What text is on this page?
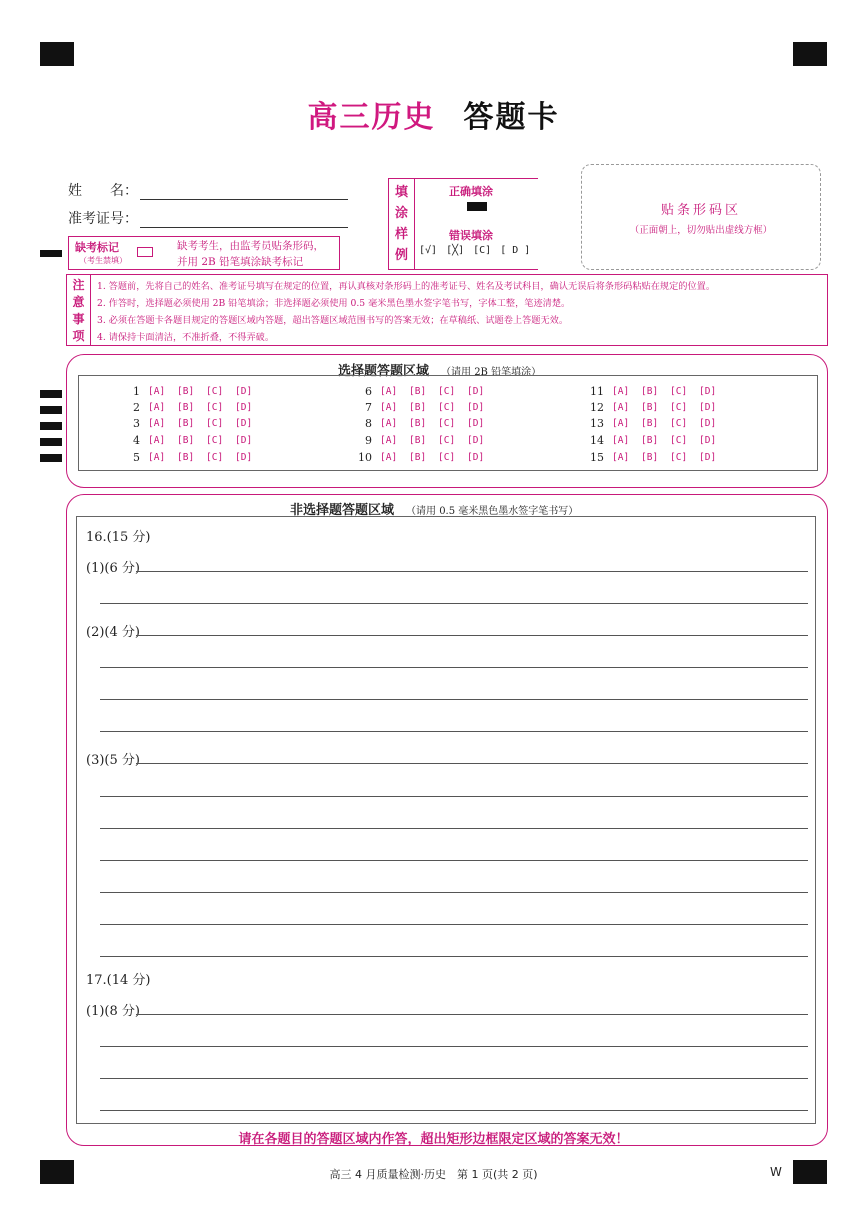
高三历史 答题卡
姓　　名：
准考证号：
缺考标记
（考生禁填）
缺考考生，由监考员贴条形码，
并用 2B 铅笔填涂缺考标记
填
涂
样
例
正确填涂
错误填涂
[√] [╳] [C] [ D ]
贴条形码区
（正面朝上，切勿贴出虚线方框）
注
意
事
项
1. 答题前，先将自己的姓名、准考证号填写在规定的位置，再认真核对条形码上的准考证号、姓名及考试科目，确认无误后将条形码粘贴在规定的位置。
2. 作答时，选择题必须使用 2B 铅笔填涂；非选择题必须使用 0.5 毫米黑色墨水签字笔书写，字体工整，笔迹清楚。
3. 必须在答题卡各题目规定的答题区域内答题，超出答题区域范围书写的答案无效；在草稿纸、试题卷上答题无效。
4. 请保持卡面清洁，不准折叠，不得弄破。
选择题答题区域 （请用 2B 铅笔填涂）
1 [A]	[B]	[C]	[D]
2 [A]	[B]	[C]	[D]
3 [A]	[B]	[C]	[D]
4 [A]	[B]	[C]	[D]
5 [A]	[B]	[C]	[D]
6 [A]	[B]	[C]	[D]
7 [A]	[B]	[C]	[D]
8 [A]	[B]	[C]	[D]
9 [A]	[B]	[C]	[D]
10 [A]	[B]	[C]	[D]
11 [A]	[B]	[C]	[D]
12 [A]	[B]	[C]	[D]
13 [A]	[B]	[C]	[D]
14 [A]	[B]	[C]	[D]
15 [A]	[B]	[C]	[D]
非选择题答题区域 （请用 0.5 毫米黑色墨水签字笔书写）
16.(15 分)
(1)(6 分)
(2)(4 分)
(3)(5 分)
17.(14 分)
(1)(8 分)
请在各题目的答题区域内作答，超出矩形边框限定区域的答案无效！
高三 4 月质量检测·历史　第 1 页(共 2 页)	W
